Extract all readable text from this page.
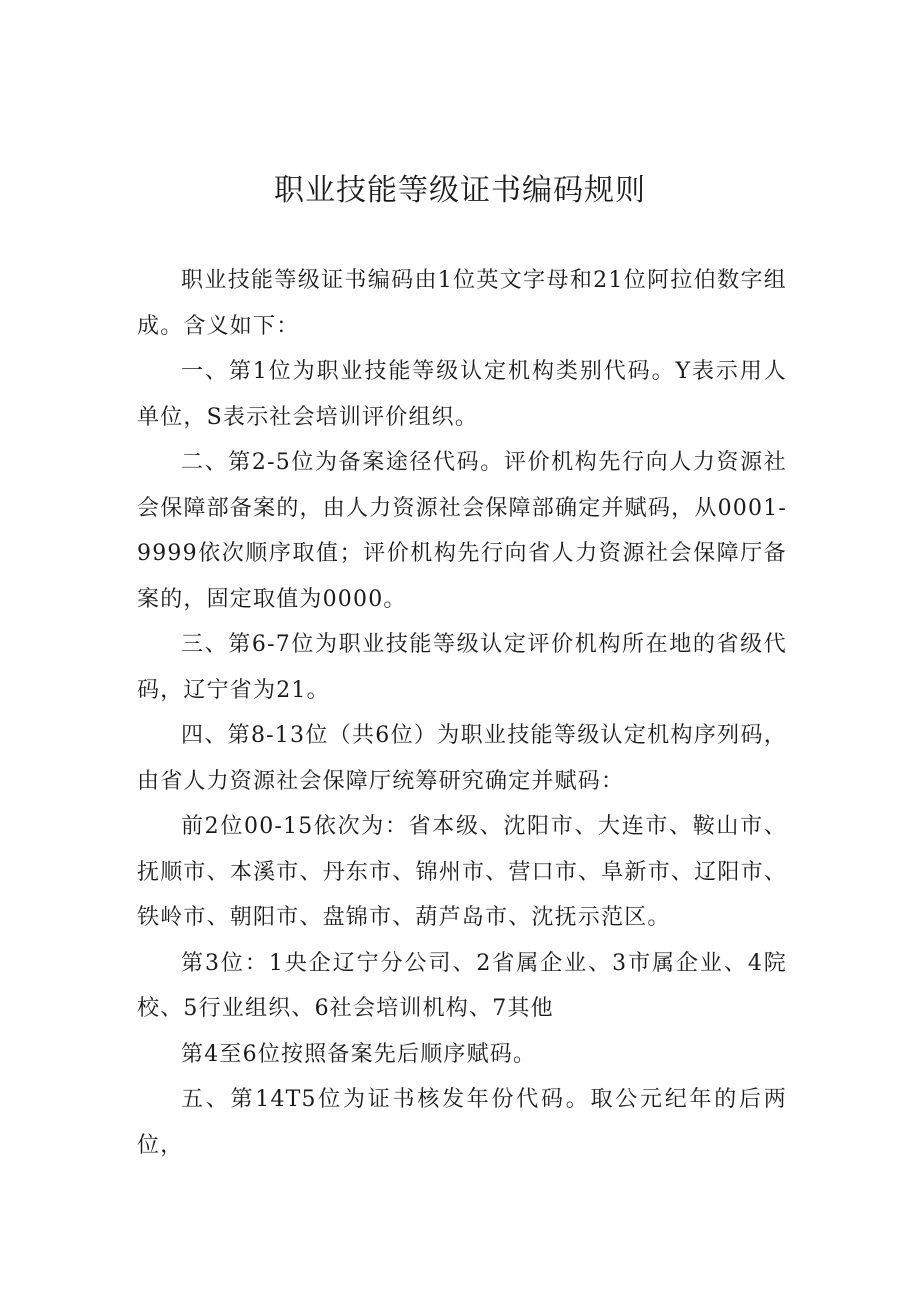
职业技能等级证书编码规则

职业技能等级证书编码由1位英文字母和21位阿拉伯数字组成。含义如下：

一、第1位为职业技能等级认定机构类别代码。Y表示用人单位，S表示社会培训评价组织。

二、第2-5位为备案途径代码。评价机构先行向人力资源社会保障部备案的，由人力资源社会保障部确定并赋码，从0001-9999依次顺序取值；评价机构先行向省人力资源社会保障厅备案的，固定取值为0000。

三、第6-7位为职业技能等级认定评价机构所在地的省级代码，辽宁省为21。

四、第8-13位（共6位）为职业技能等级认定机构序列码，由省人力资源社会保障厅统筹研究确定并赋码：

前2位00-15依次为：省本级、沈阳市、大连市、鞍山市、抚顺市、本溪市、丹东市、锦州市、营口市、阜新市、辽阳市、铁岭市、朝阳市、盘锦市、葫芦岛市、沈抚示范区。

第3位：1央企辽宁分公司、2省属企业、3市属企业、4院校、5行业组织、6社会培训机构、7其他

第4至6位按照备案先后顺序赋码。

五、第14T5位为证书核发年份代码。取公元纪年的后两位，
